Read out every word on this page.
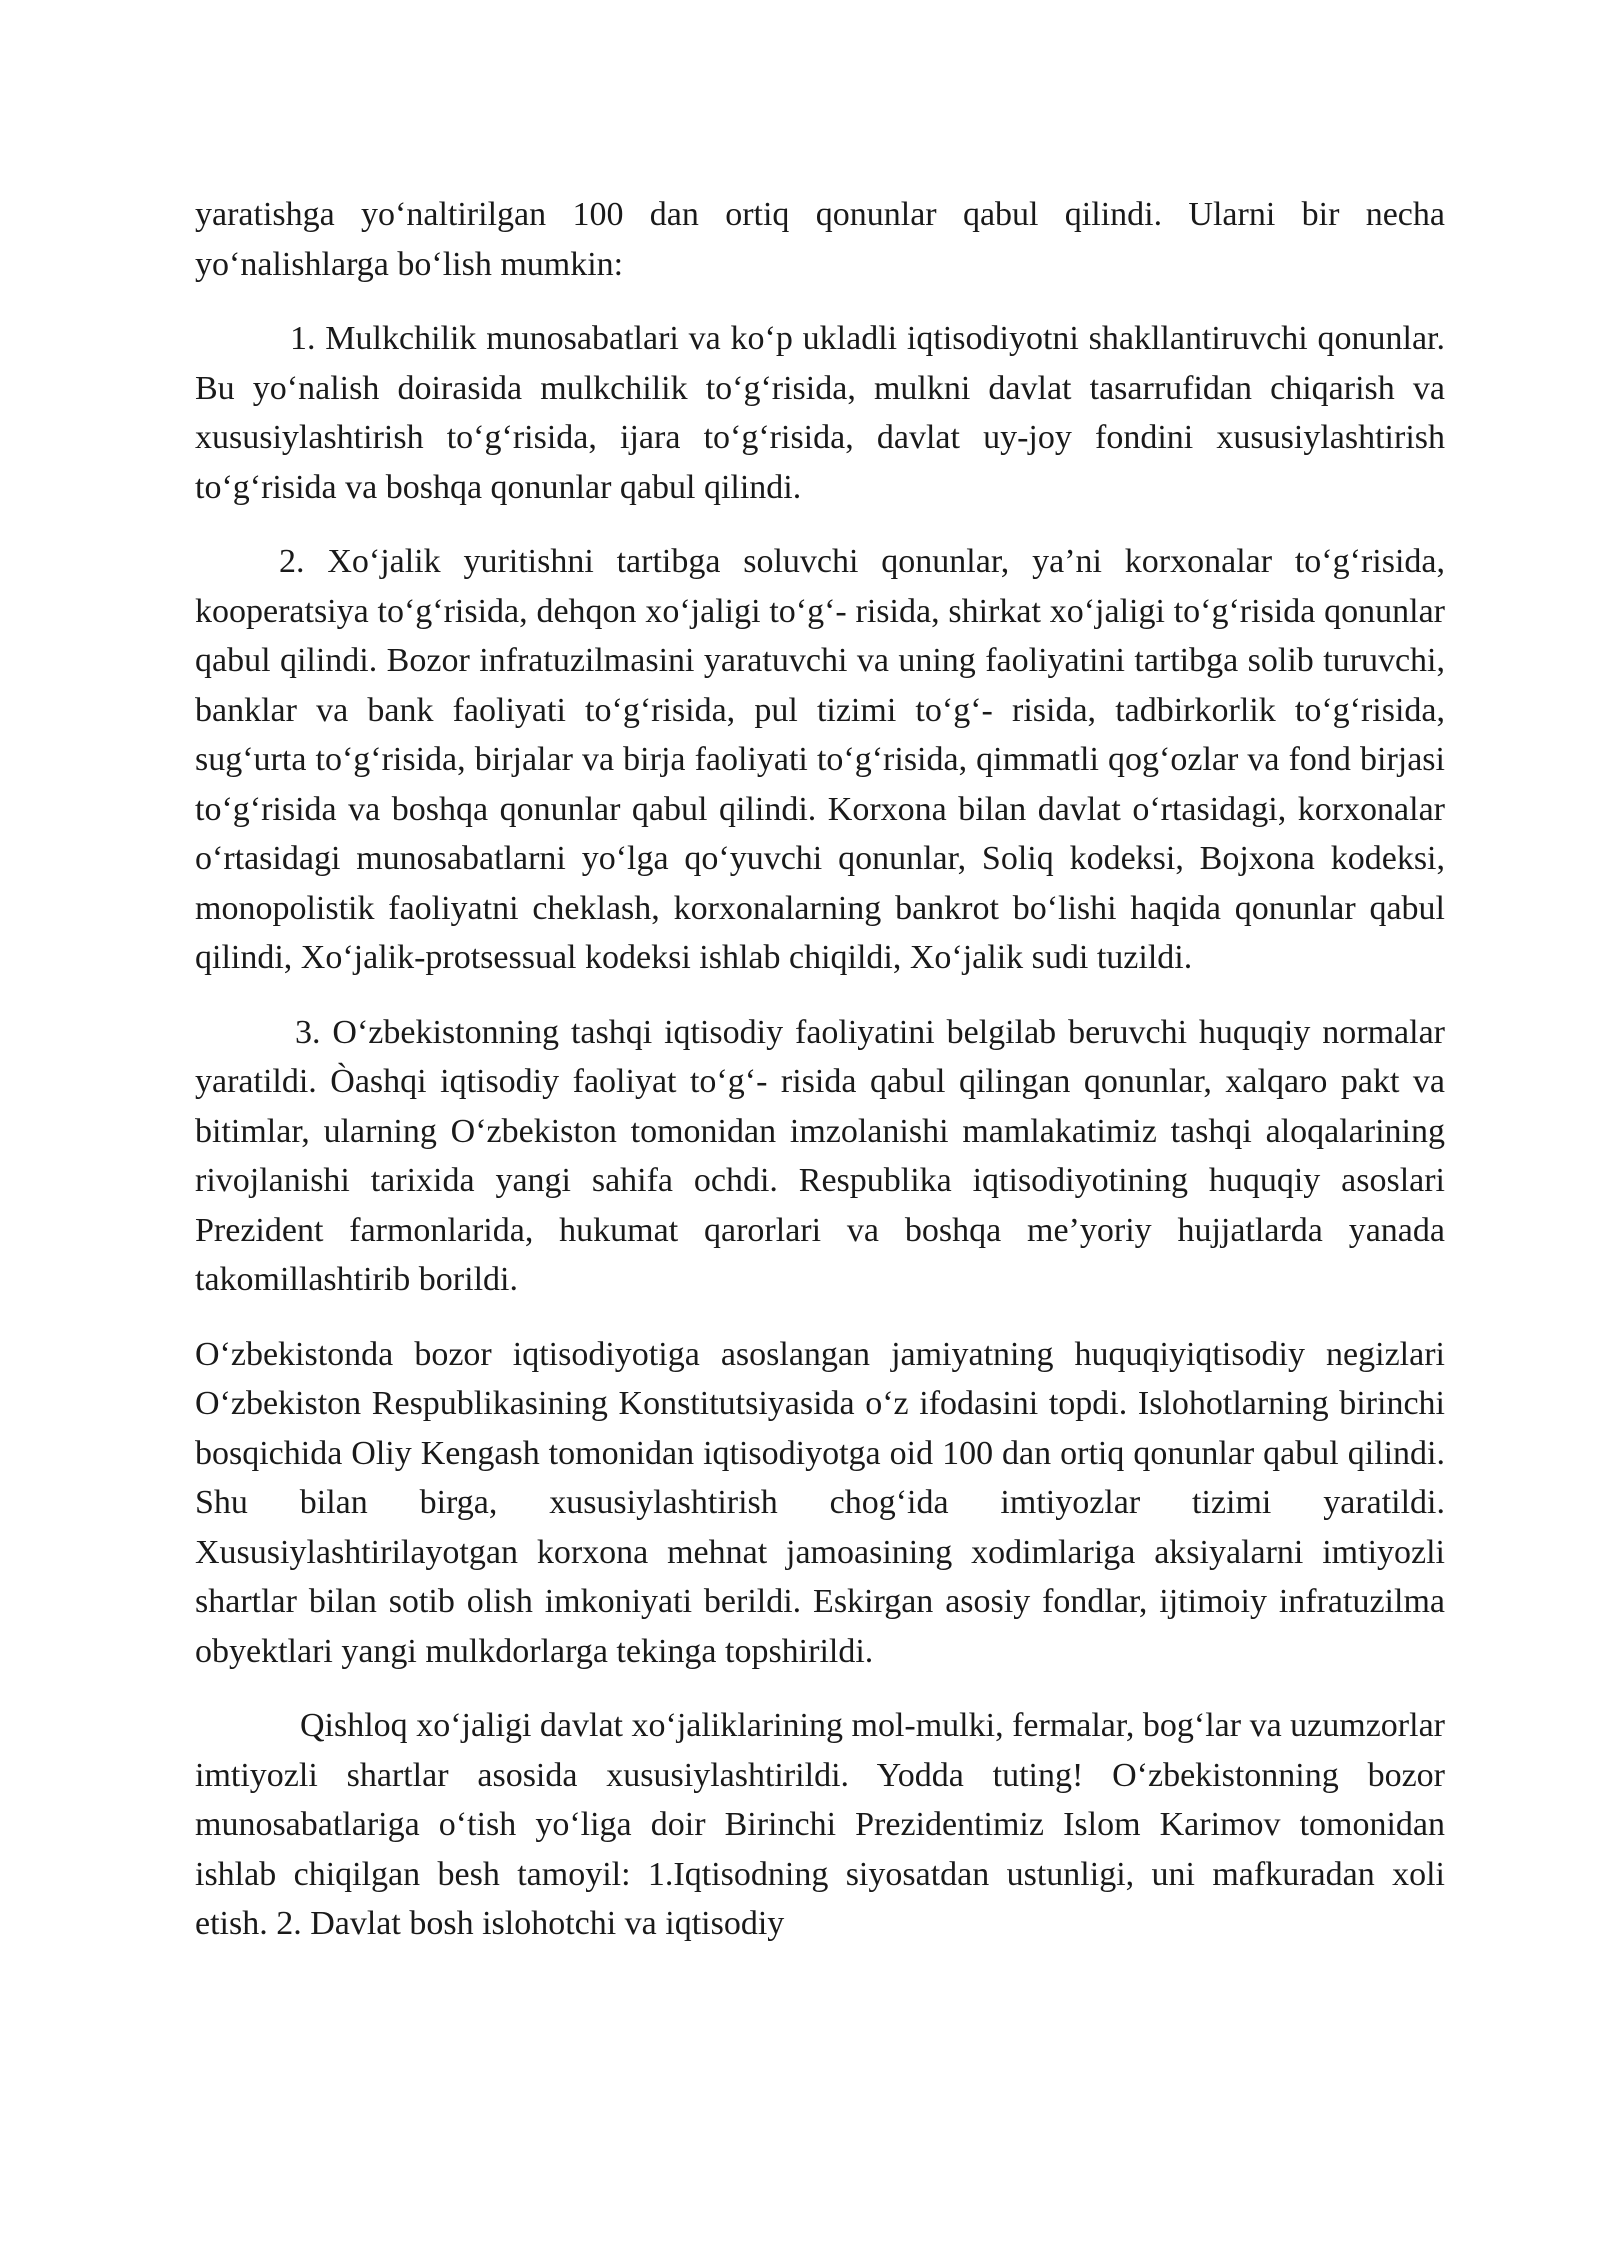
yaratishga yo‘naltirilgan 100 dan ortiq qonunlar qabul qilindi. Ularni bir necha yo‘nalishlarga bo‘lish mumkin:

1. Mulkchilik munosabatlari va ko‘p ukladli iqtisodiyotni shakllantiruvchi qonunlar. Bu yo‘nalish doirasida mulkchilik to‘g‘risida, mulkni davlat tasarrufidan chiqarish va xususiylashtirish to‘g‘risida, ijara to‘g‘risida, davlat uy-joy fondini xususiylashtirish to‘g‘risida va boshqa qonunlar qabul qilindi.

2. Xo‘jalik yuritishni tartibga soluvchi qonunlar, ya’ni korxonalar to‘g‘risida, kooperatsiya to‘g‘risida, dehqon xo‘jaligi to‘g‘- risida, shirkat xo‘jaligi to‘g‘risida qonunlar qabul qilindi. Bozor infratuzilmasini yaratuvchi va uning faoliyatini tartibga solib turuvchi, banklar va bank faoliyati to‘g‘risida, pul tizimi to‘g‘- risida, tadbirkorlik to‘g‘risida, sug‘urta to‘g‘risida, birjalar va birja faoliyati to‘g‘risida, qimmatli qog‘ozlar va fond birjasi to‘g‘risida va boshqa qonunlar qabul qilindi. Korxona bilan davlat o‘rtasidagi, korxonalar o‘rtasidagi munosabatlarni yo‘lga qo‘yuvchi qonunlar, Soliq kodeksi, Bojxona kodeksi, monopolistik faoliyatni cheklash, korxonalarning bankrot bo‘lishi haqida qonunlar qabul qilindi, Xo‘jalik-protsessual kodeksi ishlab chiqildi, Xo‘jalik sudi tuzildi.

3. O‘zbekistonning tashqi iqtisodiy faoliyatini belgilab beruvchi huquqiy normalar yaratildi. Òashqi iqtisodiy faoliyat to‘g‘- risida qabul qilingan qonunlar, xalqaro pakt va bitimlar, ularning O‘zbekiston tomonidan imzolanishi mamlakatimiz tashqi aloqalarining rivojlanishi tarixida yangi sahifa ochdi. Respublika iqtisodiyotining huquqiy asoslari Prezident farmonlarida, hukumat qarorlari va boshqa me’yoriy hujjatlarda yanada takomillashtirib borildi.

O‘zbekistonda bozor iqtisodiyotiga asoslangan jamiyatning huquqiyiqtisodiy negizlari O‘zbekiston Respublikasining Konstitutsiyasida o‘z ifodasini topdi. Islohotlarning birinchi bosqichida Oliy Kengash tomonidan iqtisodiyotga oid 100 dan ortiq qonunlar qabul qilindi. Shu bilan birga, xususiylashtirish chog‘ida imtiyozlar tizimi yaratildi. Xususiylashtirilayotgan korxona mehnat jamoasining xodimlariga aksiyalarni imtiyozli shartlar bilan sotib olish imkoniyati berildi. Eskirgan asosiy fondlar, ijtimoiy infratuzilma obyektlari yangi mulkdorlarga tekinga topshirildi.

Qishloq xo‘jaligi davlat xo‘jaliklarining mol-mulki, fermalar, bog‘lar va uzumzorlar imtiyozli shartlar asosida xususiylashtirildi. Yodda tuting! O‘zbekistonning bozor munosabatlariga o‘tish yo‘liga doir Birinchi Prezidentimiz Islom Karimov tomonidan ishlab chiqilgan besh tamoyil: 1.Iqtisodning siyosatdan ustunligi, uni mafkuradan xoli etish. 2. Davlat bosh islohotchi va iqtisodiy
